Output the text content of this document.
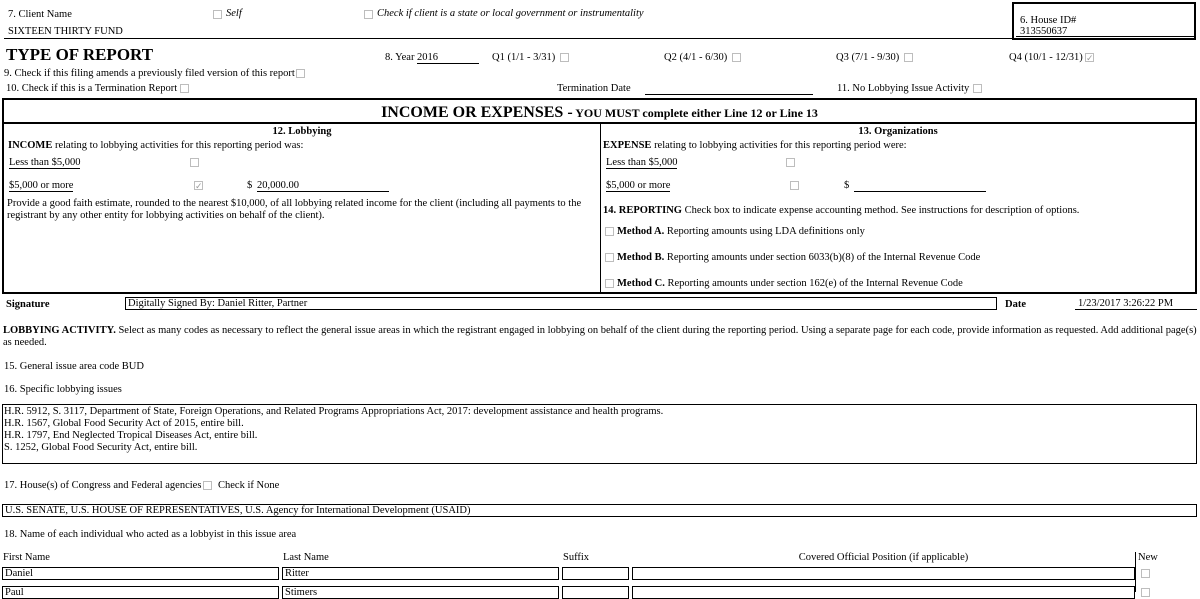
7. Client Name	Self	Check if client is a state or local government or instrumentality
SIXTEEN THIRTY FUND
6. House ID#
313550637
TYPE OF REPORT	8. Year 2016	Q1 (1/1 - 3/31)	Q2 (4/1 - 6/30)	Q3 (7/1 - 9/30)	Q4 (10/1 - 12/31) ✓
9. Check if this filing amends a previously filed version of this report
10. Check if this is a Termination Report	Termination Date	11. No Lobbying Issue Activity
INCOME OR EXPENSES - YOU MUST complete either Line 12 or Line 13
12. Lobbying
INCOME relating to lobbying activities for this reporting period was:
Less than $5,000
$5,000 or more	✓	$ 20,000.00
Provide a good faith estimate, rounded to the nearest $10,000, of all lobbying related income for the client (including all payments to the
registrant by any other entity for lobbying activities on behalf of the client).
13. Organizations
EXPENSE relating to lobbying activities for this reporting period were:
Less than $5,000
$5,000 or more	$
14. REPORTING Check box to indicate expense accounting method. See instructions for description of options.
Method A. Reporting amounts using LDA definitions only
Method B. Reporting amounts under section 6033(b)(8) of the Internal Revenue Code
Method C. Reporting amounts under section 162(e) of the Internal Revenue Code
Signature	Digitally Signed By: Daniel Ritter, Partner	Date	1/23/2017 3:26:22 PM
LOBBYING ACTIVITY. Select as many codes as necessary to reflect the general issue areas in which the registrant engaged in lobbying on behalf of the client during the reporting period. Using a separate page for each code, provide information as requested. Add additional page(s)
as needed.
15. General issue area code BUD
16. Specific lobbying issues
H.R. 5912, S. 3117, Department of State, Foreign Operations, and Related Programs Appropriations Act, 2017: development assistance and health programs.
H.R. 1567, Global Food Security Act of 2015, entire bill.
H.R. 1797, End Neglected Tropical Diseases Act, entire bill.
S. 1252, Global Food Security Act, entire bill.
17. House(s) of Congress and Federal agencies Check if None
U.S. SENATE, U.S. HOUSE OF REPRESENTATIVES, U.S. Agency for International Development (USAID)
18. Name of each individual who acted as a lobbyist in this issue area
First Name	Last Name	Suffix	Covered Official Position (if applicable)	New
Daniel	Ritter
Paul	Stimers
